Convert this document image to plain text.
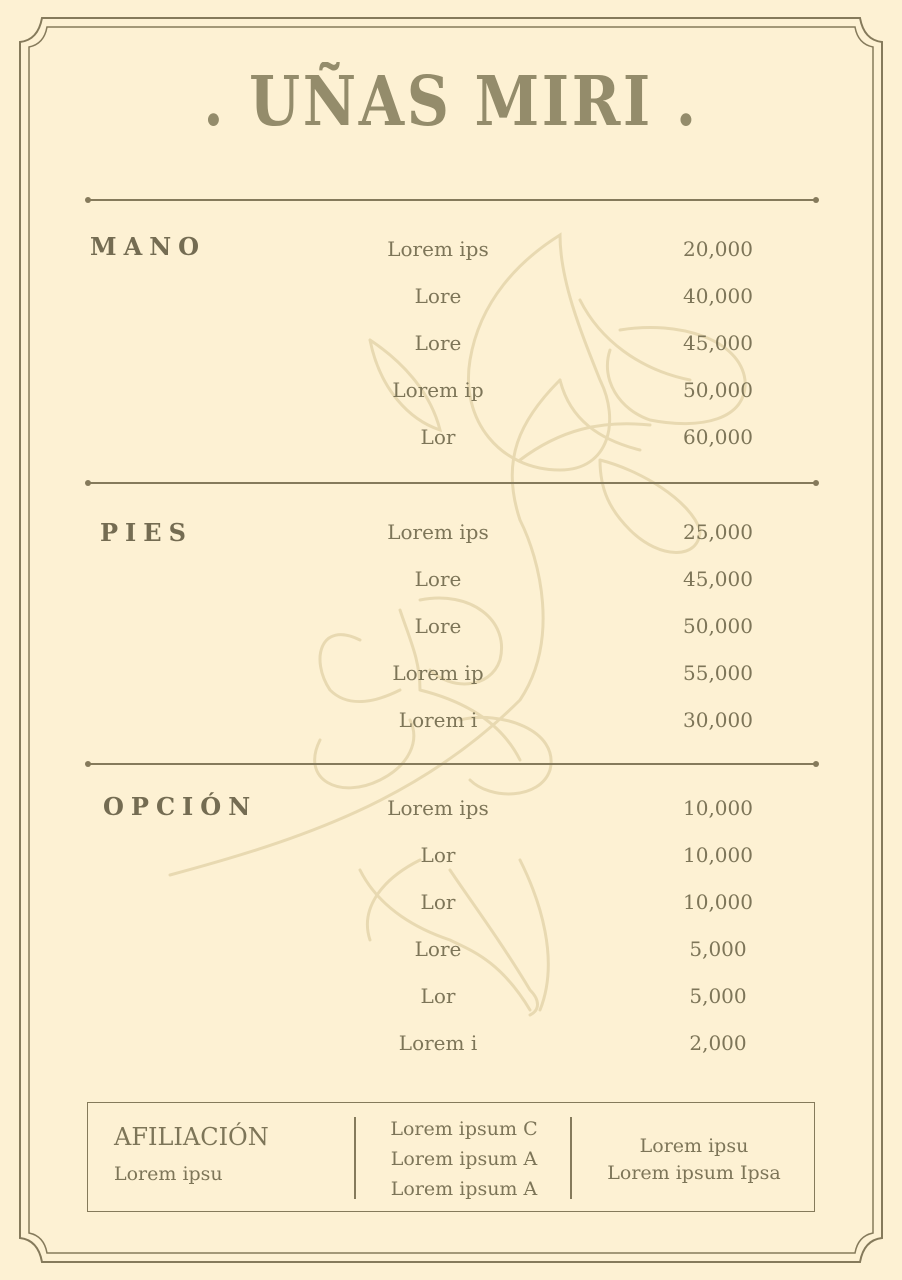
. UÑAS MIRI .
MANO	Lorem ips	20,000
Lore	40,000
Lore	45,000
Lorem ip	50,000
Lor	60,000
PIES	Lorem ips	25,000
Lore	45,000
Lore	50,000
Lorem ip	55,000
Lorem i	30,000
OPCIÓN	Lorem ips	10,000
Lor	10,000
Lor	10,000
Lore	5,000
Lor	5,000
Lorem i	2,000
AFILIACIÓN
Lorem ipsu
Lorem ipsum C
Lorem ipsum A
Lorem ipsum A
Lorem ipsu
Lorem ipsum Ipsa
